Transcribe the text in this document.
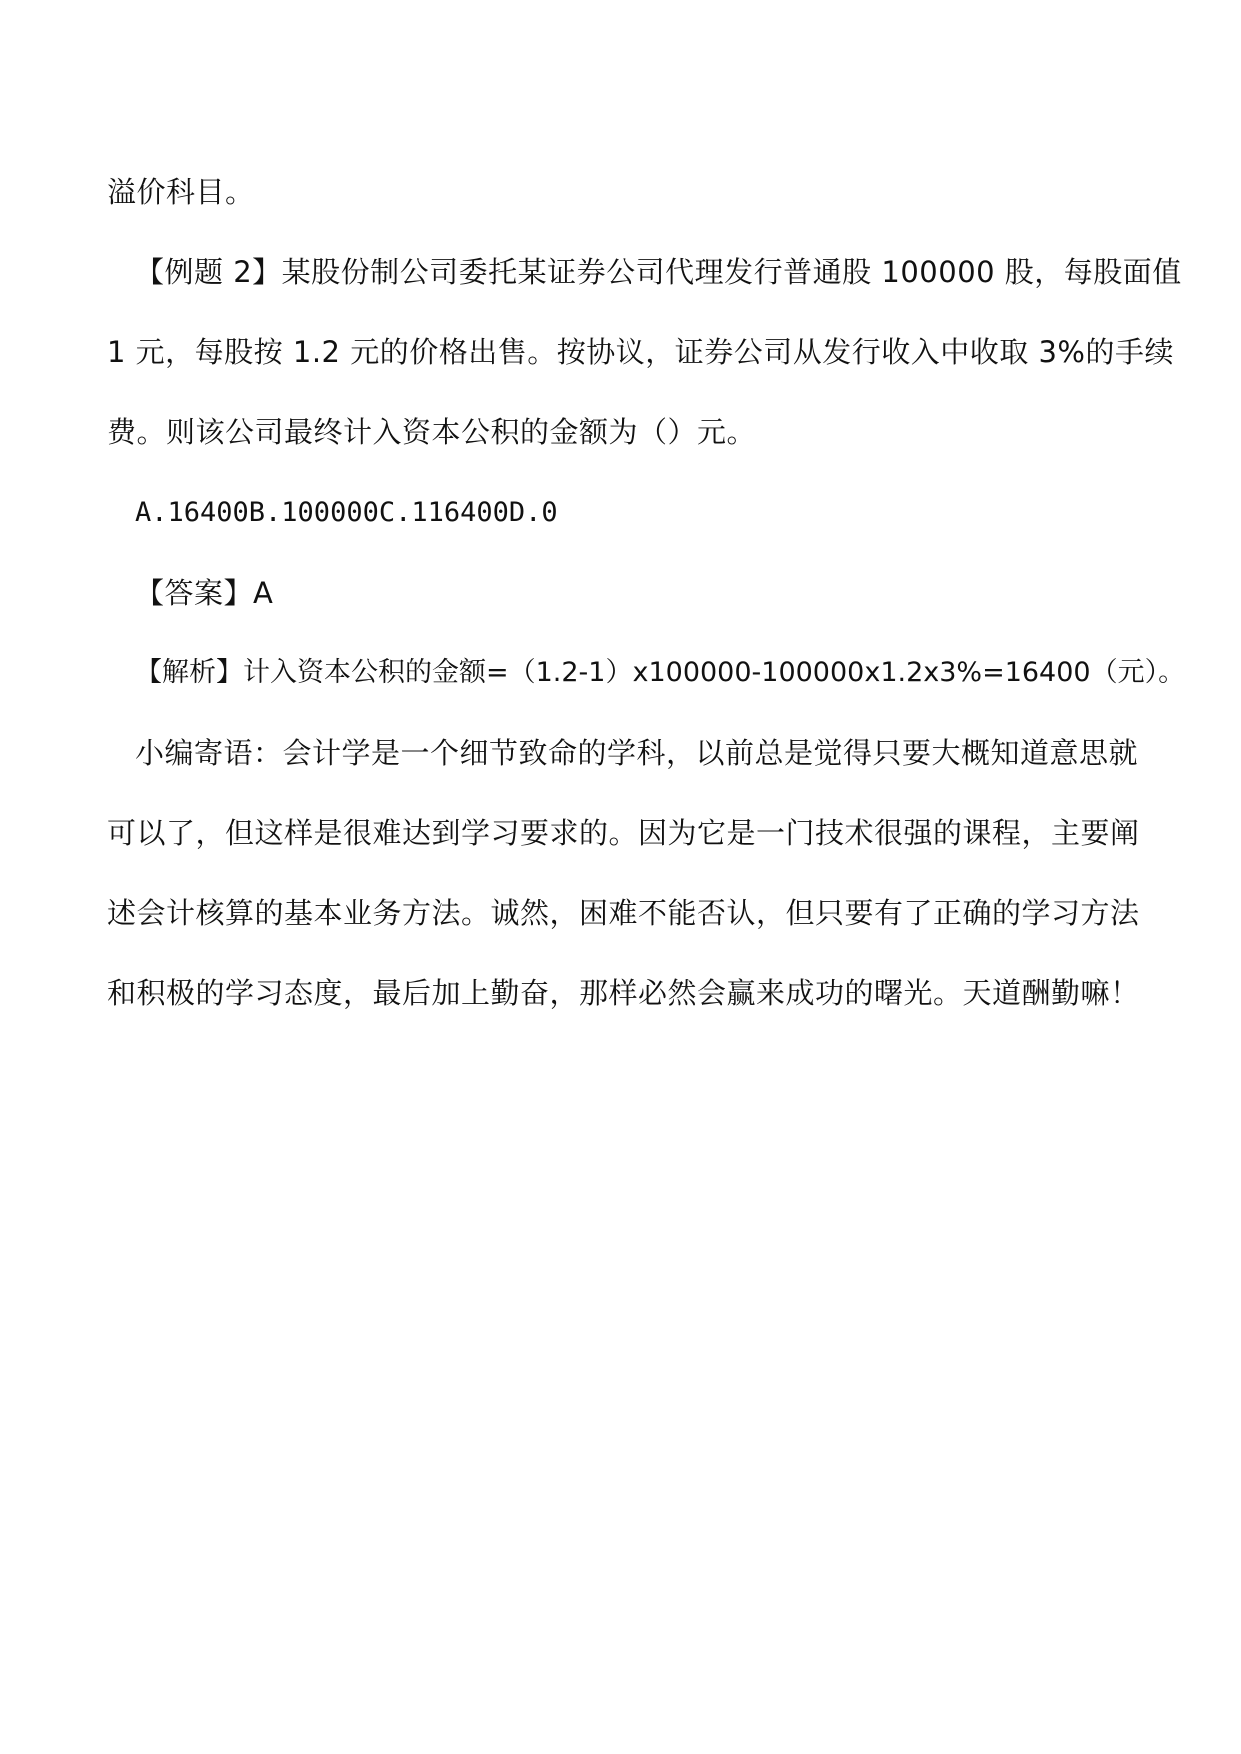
溢价科目。
【例题 2】某股份制公司委托某证券公司代理发行普通股 100000 股，每股面值
1 元，每股按 1.2 元的价格出售。按协议，证券公司从发行收入中收取 3%的手续
费。则该公司最终计入资本公积的金额为（）元。
A.16400B.100000C.116400D.0
【答案】A
【解析】计入资本公积的金额=（1.2-1）x100000-100000x1.2x3%=16400（元）。
小编寄语：会计学是一个细节致命的学科，以前总是觉得只要大概知道意思就
可以了，但这样是很难达到学习要求的。因为它是一门技术很强的课程，主要阐
述会计核算的基本业务方法。诚然，困难不能否认，但只要有了正确的学习方法
和积极的学习态度，最后加上勤奋，那样必然会赢来成功的曙光。天道酬勤嘛！
